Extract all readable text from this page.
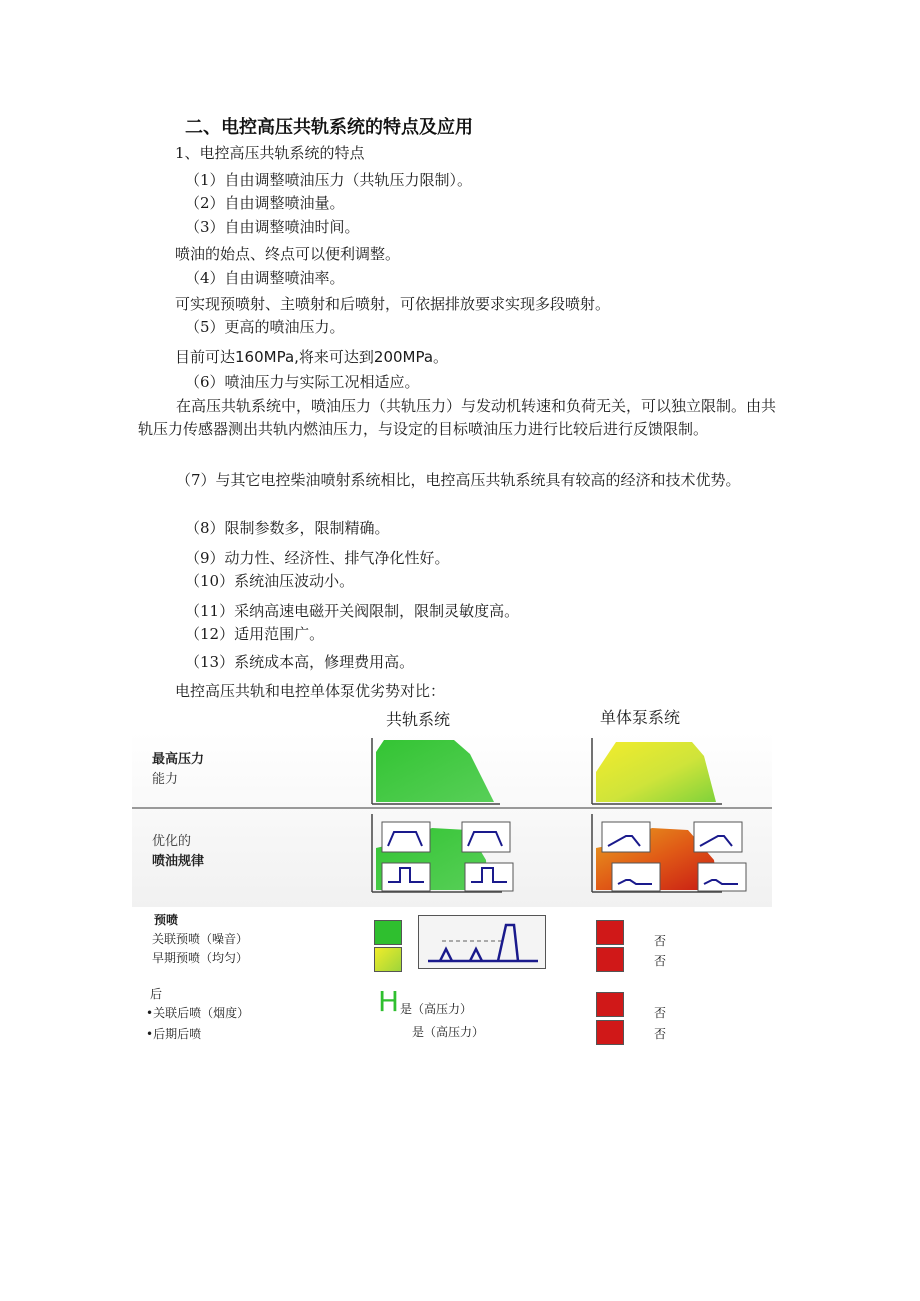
二、电控高压共轨系统的特点及应用
1、电控高压共轨系统的特点
（1）自由调整喷油压力（共轨压力限制）。
（2）自由调整喷油量。
（3）自由调整喷油时间。
喷油的始点、终点可以便利调整。
（4）自由调整喷油率。
可实现预喷射、主喷射和后喷射，可依据排放要求实现多段喷射。
（5）更高的喷油压力。
目前可达160MPa,将来可达到200MPa。
（6）喷油压力与实际工况相适应。
在高压共轨系统中，喷油压力（共轨压力）与发动机转速和负荷无关，可以独立限制。由共轨压力传感器测出共轨内燃油压力，与设定的目标喷油压力进行比较后进行反馈限制。
（7）与其它电控柴油喷射系统相比，电控高压共轨系统具有较高的经济和技术优势。
（8）限制参数多，限制精确。
（9）动力性、经济性、排气净化性好。
（10）系统油压波动小。
（11）采纳高速电磁开关阀限制，限制灵敏度高。
（12）适用范围广。
（13）系统成本高，修理费用高。
电控高压共轨和电控单体泵优劣势对比：
共轨系统	单体泵系统
最高压力
能力
优化的
喷油规律
预喷
关联预喷（噪音）
早期预喷（均匀）
否
否
后
•关联后喷（烟度）
•后期后喷
H 是（高压力）
是（高压力）
否
否
